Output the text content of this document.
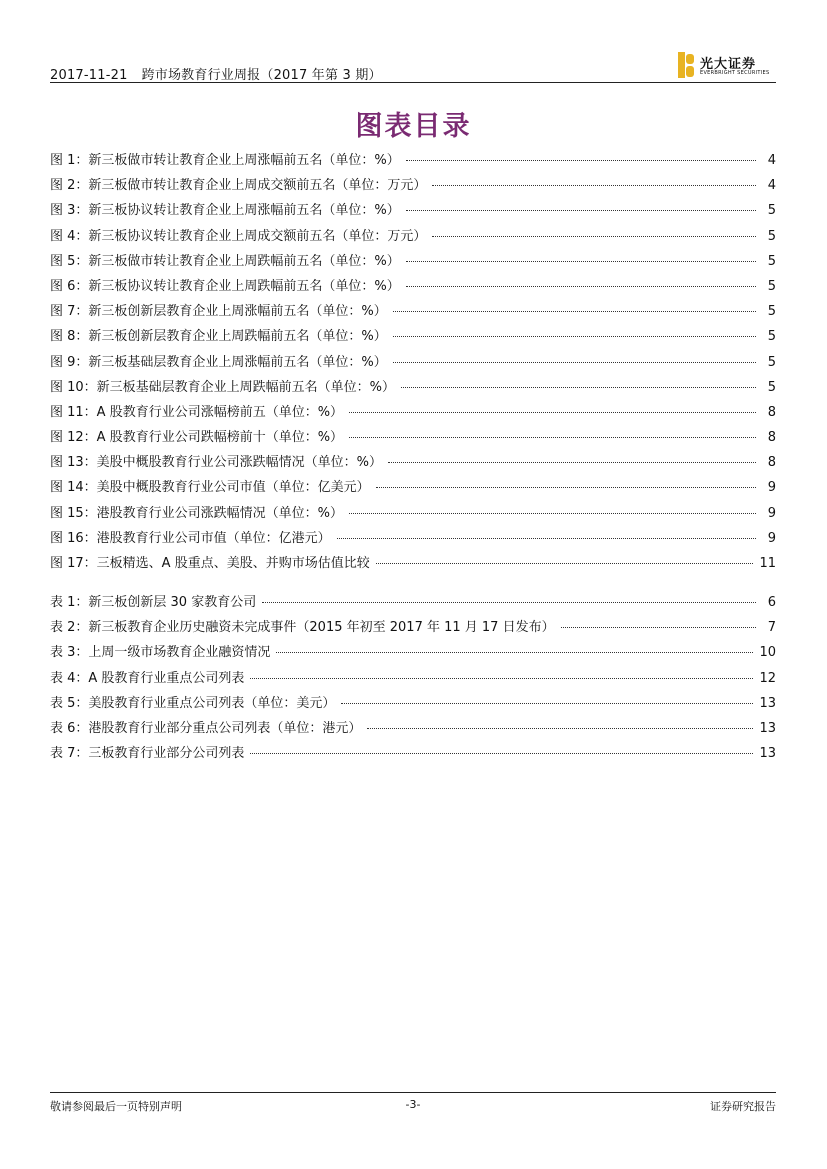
2017-11-21 跨市场教育行业周报（2017 年第 3 期）
光大证券
EVERBRIGHT SECURITIES
图表目录
图 1：新三板做市转让教育企业上周涨幅前五名（单位：%）	4
图 2：新三板做市转让教育企业上周成交额前五名（单位：万元）	4
图 3：新三板协议转让教育企业上周涨幅前五名（单位：%）	5
图 4：新三板协议转让教育企业上周成交额前五名（单位：万元）	5
图 5：新三板做市转让教育企业上周跌幅前五名（单位：%）	5
图 6：新三板协议转让教育企业上周跌幅前五名（单位：%）	5
图 7：新三板创新层教育企业上周涨幅前五名（单位：%）	5
图 8：新三板创新层教育企业上周跌幅前五名（单位：%）	5
图 9：新三板基础层教育企业上周涨幅前五名（单位：%）	5
图 10：新三板基础层教育企业上周跌幅前五名（单位：%）	5
图 11：A 股教育行业公司涨幅榜前五（单位：%）	8
图 12：A 股教育行业公司跌幅榜前十（单位：%）	8
图 13：美股中概股教育行业公司涨跌幅情况（单位：%）	8
图 14：美股中概股教育行业公司市值（单位：亿美元）	9
图 15：港股教育行业公司涨跌幅情况（单位：%）	9
图 16：港股教育行业公司市值（单位：亿港元）	9
图 17：三板精选、A 股重点、美股、并购市场估值比较	11
表 1：新三板创新层 30 家教育公司	6
表 2：新三板教育企业历史融资未完成事件（2015 年初至 2017 年 11 月 17 日发布）	7
表 3：上周一级市场教育企业融资情况	10
表 4：A 股教育行业重点公司列表	12
表 5：美股教育行业重点公司列表（单位：美元）	13
表 6：港股教育行业部分重点公司列表（单位：港元）	13
表 7：三板教育行业部分公司列表	13
敬请参阅最后一页特别声明	-3-	证券研究报告
